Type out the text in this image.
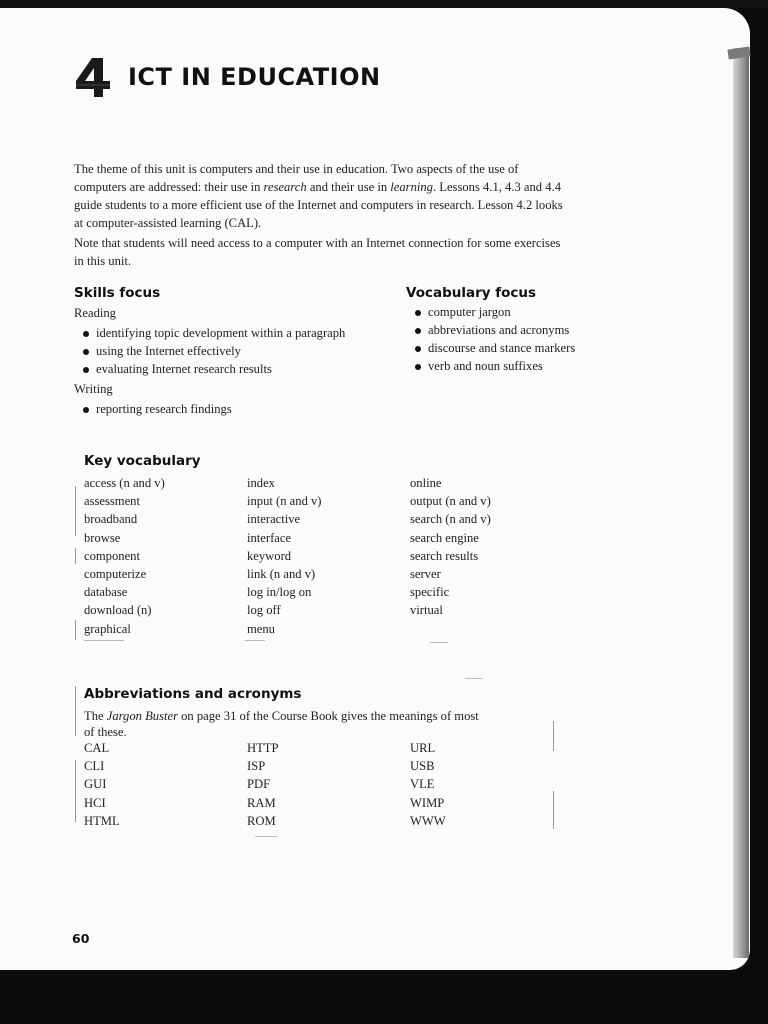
ICT IN EDUCATION

The theme of this unit is computers and their use in education. Two aspects of the use of computers are addressed: their use in research and their use in learning. Lessons 4.1, 4.3 and 4.4 guide students to a more efficient use of the Internet and computers in research. Lesson 4.2 looks at computer-assisted learning (CAL).

Note that students will need access to a computer with an Internet connection for some exercises in this unit.

Skills focus
Reading
identifying topic development within a paragraph
using the Internet effectively
evaluating Internet research results
Writing
reporting research findings
Vocabulary focus
computer jargon
abbreviations and acronyms
discourse and stance markers
verb and noun suffixes
Key vocabulary
access (n and v)
assessment
broadband
browse
component
computerize
database
download (n)
graphical
index
input (n and v)
interactive
interface
keyword
link (n and v)
log in/log on
log off
menu
online
output (n and v)
search (n and v)
search engine
search results
server
specific
virtual
Abbreviations and acronyms
The Jargon Buster on page 31 of the Course Book gives the meanings of most of these.
CAL
CLI
GUI
HCI
HTML
HTTP
ISP
PDF
RAM
ROM
URL
USB
VLE
WIMP
WWW
60
